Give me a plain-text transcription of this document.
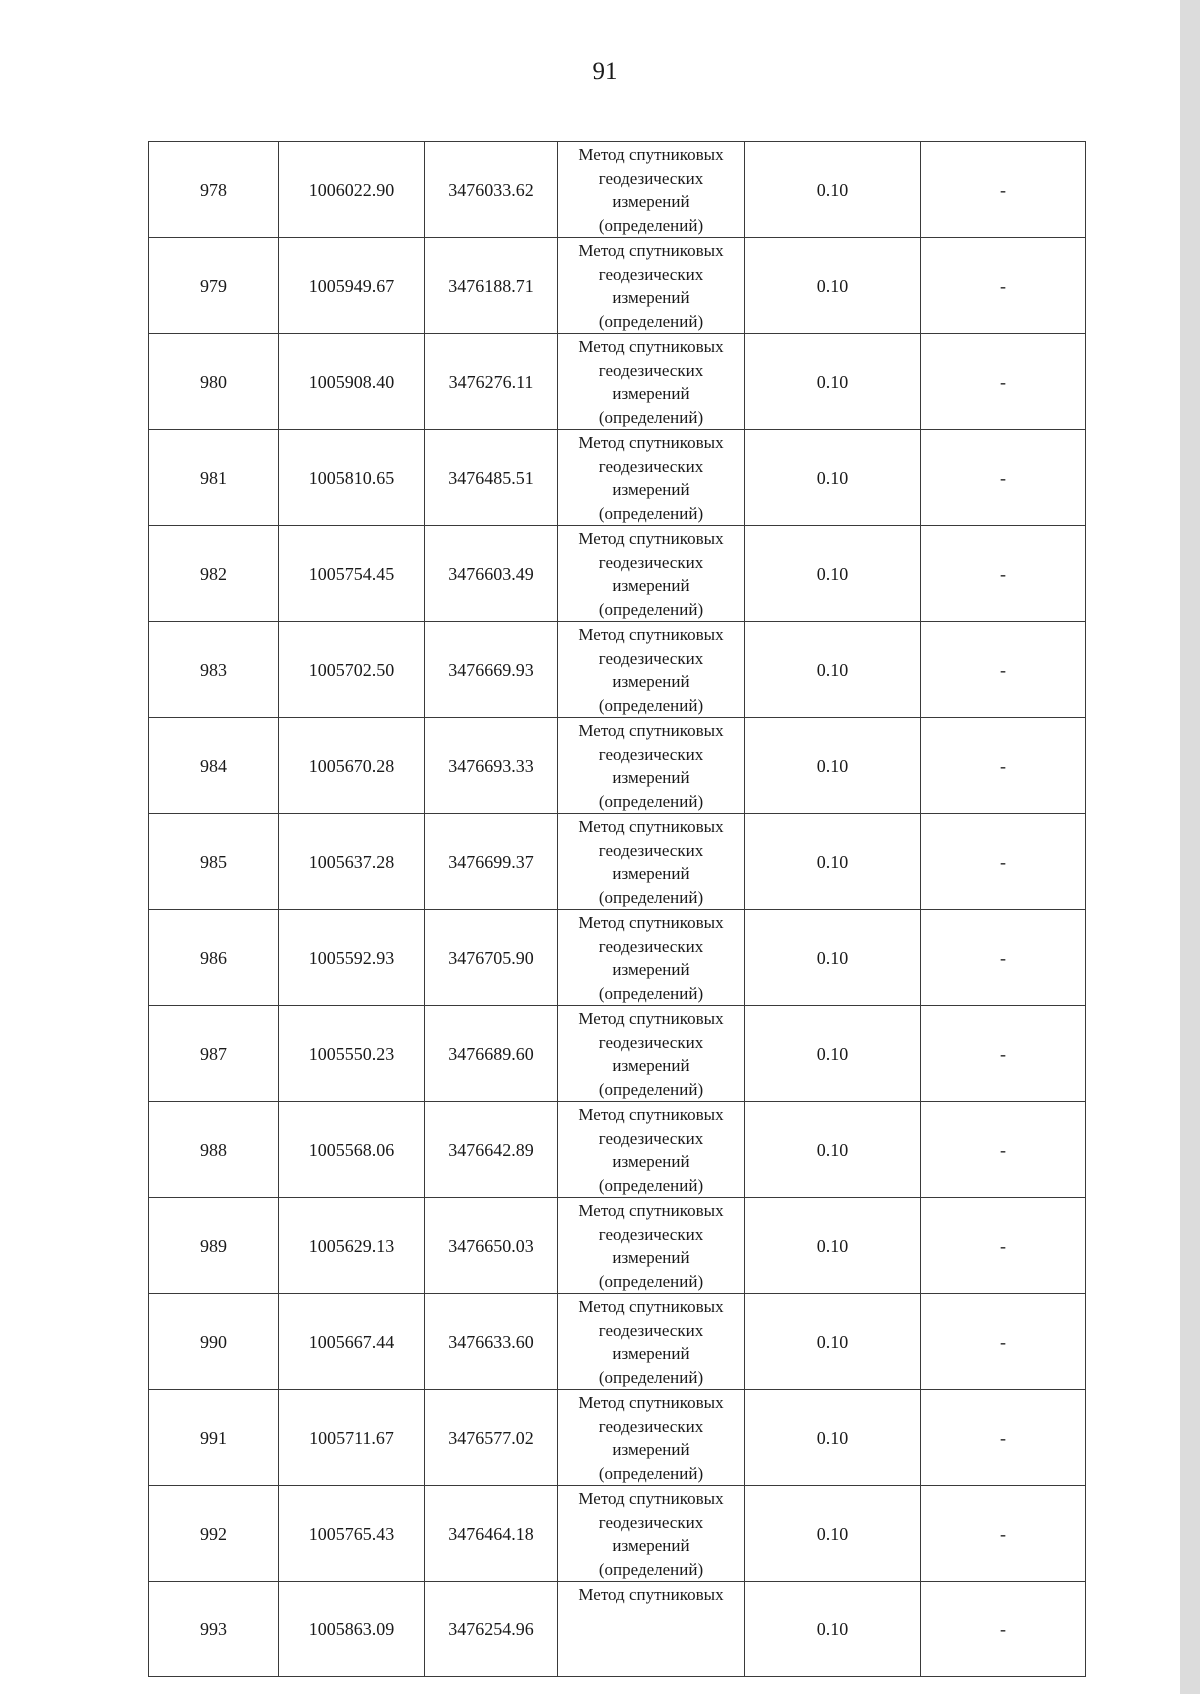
91
978	1006022.90	3476033.62	Метод спутниковых
геодезических
измерений
(определений)	0.10	-
979	1005949.67	3476188.71	Метод спутниковых
геодезических
измерений
(определений)	0.10	-
980	1005908.40	3476276.11	Метод спутниковых
геодезических
измерений
(определений)	0.10	-
981	1005810.65	3476485.51	Метод спутниковых
геодезических
измерений
(определений)	0.10	-
982	1005754.45	3476603.49	Метод спутниковых
геодезических
измерений
(определений)	0.10	-
983	1005702.50	3476669.93	Метод спутниковых
геодезических
измерений
(определений)	0.10	-
984	1005670.28	3476693.33	Метод спутниковых
геодезических
измерений
(определений)	0.10	-
985	1005637.28	3476699.37	Метод спутниковых
геодезических
измерений
(определений)	0.10	-
986	1005592.93	3476705.90	Метод спутниковых
геодезических
измерений
(определений)	0.10	-
987	1005550.23	3476689.60	Метод спутниковых
геодезических
измерений
(определений)	0.10	-
988	1005568.06	3476642.89	Метод спутниковых
геодезических
измерений
(определений)	0.10	-
989	1005629.13	3476650.03	Метод спутниковых
геодезических
измерений
(определений)	0.10	-
990	1005667.44	3476633.60	Метод спутниковых
геодезических
измерений
(определений)	0.10	-
991	1005711.67	3476577.02	Метод спутниковых
геодезических
измерений
(определений)	0.10	-
992	1005765.43	3476464.18	Метод спутниковых
геодезических
измерений
(определений)	0.10	-
993	1005863.09	3476254.96	Метод спутниковых	0.10	-
